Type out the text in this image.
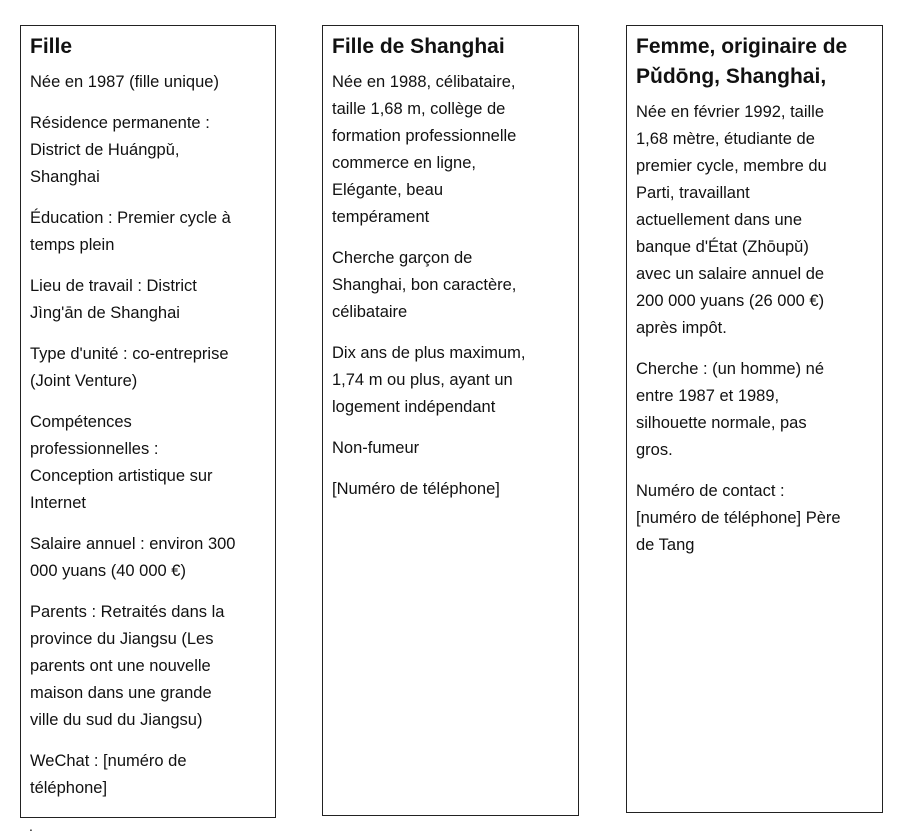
Fille
Née en 1987 (fille unique)
Résidence permanente :
District de Huángpǔ,
Shanghai
Éducation : Premier cycle à
temps plein
Lieu de travail : District
Jìng'ān de Shanghai
Type d'unité : co-entreprise
(Joint Venture)
Compétences
professionnelles :
Conception artistique sur
Internet
Salaire annuel : environ 300
000 yuans (40 000 €)
Parents : Retraités dans la
province du Jiangsu (Les
parents ont une nouvelle
maison dans une grande
ville du sud du Jiangsu)
WeChat : [numéro de
téléphone]
Fille de Shanghai
Née en 1988, célibataire,
taille 1,68 m, collège de
formation professionnelle
commerce en ligne,
Elégante, beau
tempérament
Cherche garçon de
Shanghai, bon caractère,
célibataire
Dix ans de plus maximum,
1,74 m ou plus, ayant un
logement indépendant
Non-fumeur
[Numéro de téléphone]
Femme, originaire de
Pǔdōng, Shanghai,
Née en février 1992, taille
1,68 mètre, étudiante de
premier cycle, membre du
Parti, travaillant
actuellement dans une
banque d'État (Zhōupǔ)
avec un salaire annuel de
200 000 yuans (26 000 €)
après impôt.
Cherche : (un homme) né
entre 1987 et 1989,
silhouette normale, pas
gros.
Numéro de contact :
[numéro de téléphone] Père
de Tang
.
